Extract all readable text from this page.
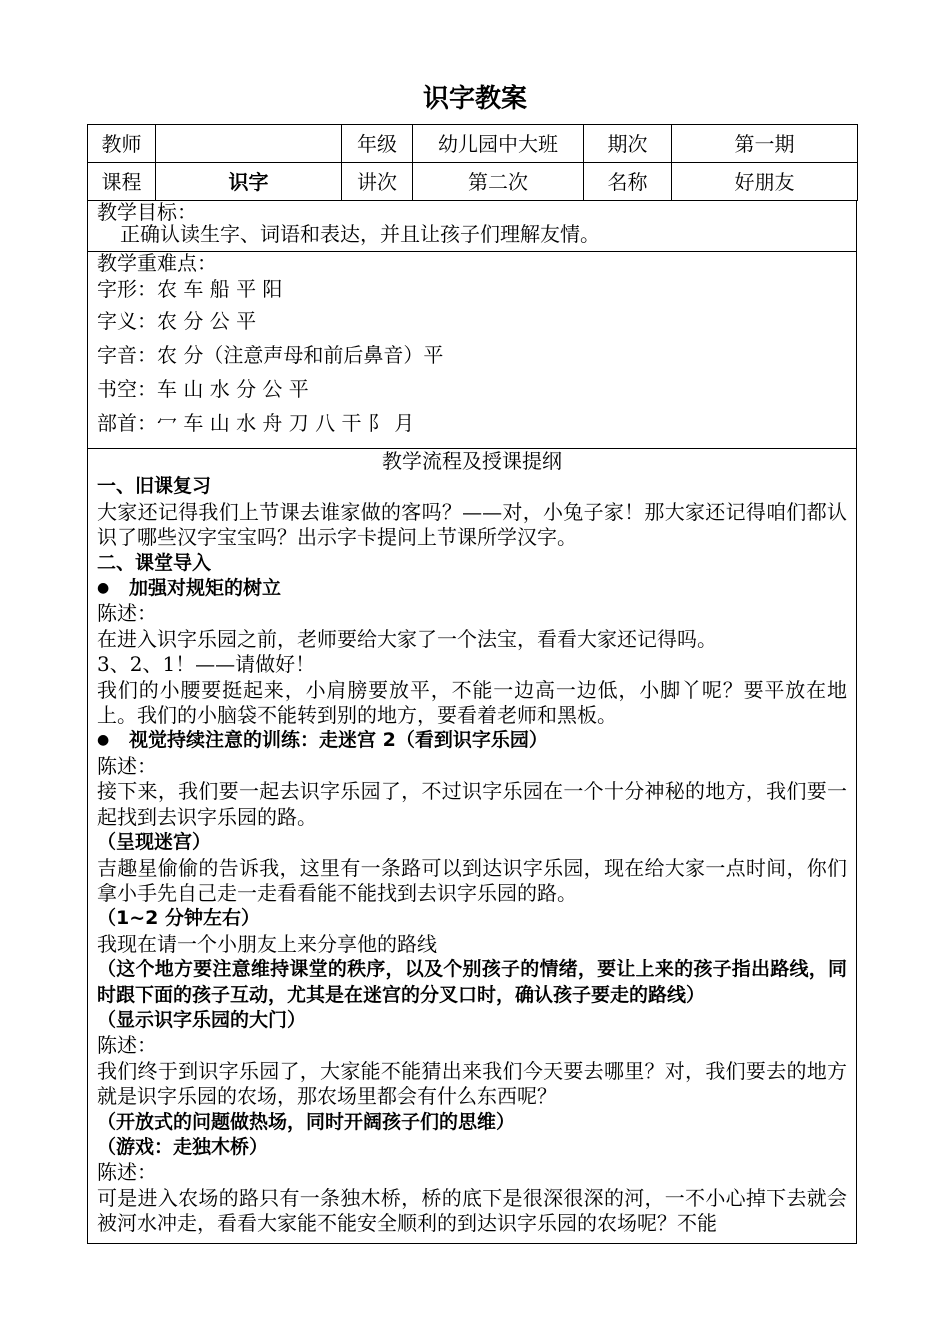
识字教案
教师		年级	幼儿园中大班	期次	第一期
课程	识字	讲次	第二次	名称	好朋友
教学目标：
正确认读生字、词语和表达，并且让孩子们理解友情。
教学重难点：
字形：农 车 船 平 阳
字义：农 分 公 平
字音：农 分（注意声母和前后鼻音）平
书空：车 山 水 分 公 平
部首：冖 车 山 水 舟 刀 八 干 阝 月

教学流程及授课提纲

一、旧课复习

大家还记得我们上节课去谁家做的客吗？——对，小兔子家！那大家还记得咱们都认识了哪些汉字宝宝吗？出示字卡提问上节课所学汉字。

二、课堂导入

● 加强对规矩的树立

陈述：

在进入识字乐园之前，老师要给大家了一个法宝，看看大家还记得吗。

3、2、1！——请做好！

我们的小腰要挺起来，小肩膀要放平，不能一边高一边低，小脚丫呢？要平放在地上。我们的小脑袋不能转到别的地方，要看着老师和黑板。

● 视觉持续注意的训练：走迷宫 2（看到识字乐园）

陈述：

接下来，我们要一起去识字乐园了，不过识字乐园在一个十分神秘的地方，我们要一起找到去识字乐园的路。

（呈现迷宫）

吉趣星偷偷的告诉我，这里有一条路可以到达识字乐园，现在给大家一点时间，你们拿小手先自己走一走看看能不能找到去识字乐园的路。

（1~2 分钟左右）

我现在请一个小朋友上来分享他的路线

（这个地方要注意维持课堂的秩序，以及个别孩子的情绪，要让上来的孩子指出路线，同时跟下面的孩子互动，尤其是在迷宫的分叉口时，确认孩子要走的路线）

（显示识字乐园的大门）

陈述：

我们终于到识字乐园了，大家能不能猜出来我们今天要去哪里？对，我们要去的地方就是识字乐园的农场，那农场里都会有什么东西呢？

（开放式的问题做热场，同时开阔孩子们的思维）

（游戏：走独木桥）

陈述：

可是进入农场的路只有一条独木桥，桥的底下是很深很深的河，一不小心掉下去就会被河水冲走，看看大家能不能安全顺利的到达识字乐园的农场呢？不能
